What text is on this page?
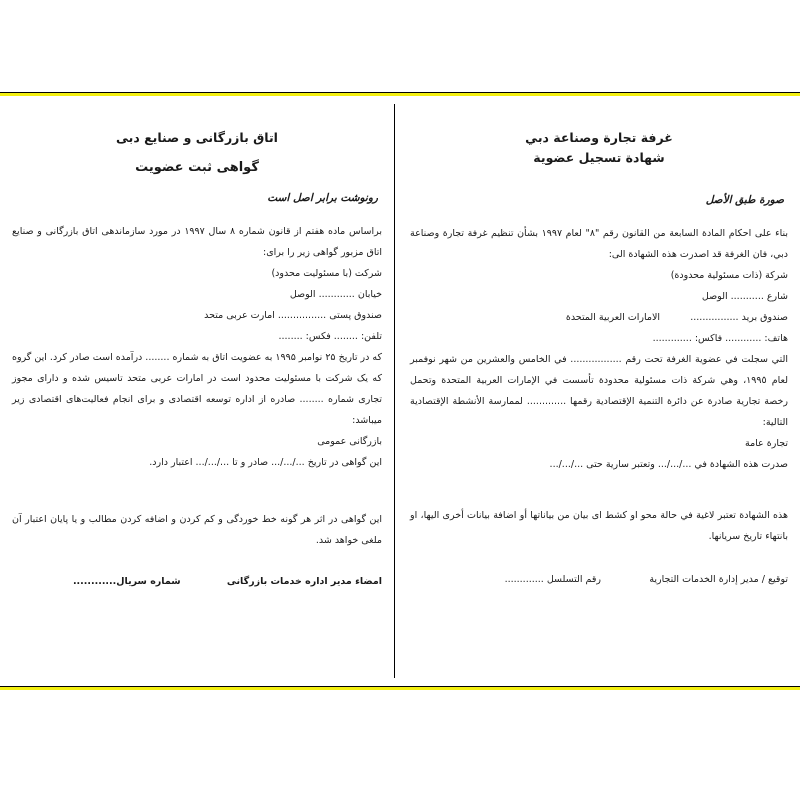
غرفة تجارة وصناعة دبي
شهادة تسجيل عضوية
صورة طبق الأصل
بناء على احكام المادة السابعة من القانون رقم "٨" لعام ١٩٩٧ بشأن تنظيم غرفة تجارة وصناعة دبي، فان الغرفة قد اصدرت هذه الشهادة الى:
شركة (ذات مسئولية محدودة)
شارع ........... الوصل
صندوق بريد ................          الامارات العربية المتحدة
هاتف: ............ فاكس: .............
التي سجلت في عضوية الغرفة تحت رقم ................. في الخامس والعشرين من شهر نوفمبر لعام ١٩٩٥، وهي شركة ذات مسئولية محدودة تأسست في الإمارات العربية المتحدة وتحمل رخصة تجارية صادرة عن دائرة التنمية الإقتصادية رقمها ............. لممارسة الأنشطة الإقتصادية التالية:
تجارة عامة
صدرت هذه الشهادة في .../.../... وتعتبر سارية حتى .../.../...
هذه الشهادة تعتبر لاغية في حالة محو او كشط اى بيان من بياناتها أو اضافة بيانات أخرى اليها، او بانتهاء تاريخ سريانها.
توقيع / مدير إدارة الخدمات التجارية                رقم التسلسل .............
اتاق بازرگانی و صنایع دبی
گواهی ثبت عضویت
رونوشت برابر اصل است
براساس ماده هفتم از قانون شماره ۸ سال ۱۹۹۷ در مورد سازماندهی اتاق بازرگانی و صنایع اتاق مزبور گواهی زیر را برای:
شرکت (با مسئولیت محدود)
خیابان ............ الوصل
صندوق پستی ................ امارت عربی متحد
تلفن: ........ فکس: ........
که در تاریخ ۲۵ نوامبر ۱۹۹۵ به عضویت اتاق به شماره ........ درآمده است صادر کرد. این گروه که یک شرکت با مسئولیت محدود است در امارات عربی متحد تاسیس شده و دارای مجوز تجاری شماره ........ صادره از اداره توسعه اقتصادی و برای انجام فعالیت‌های اقتصادی زیر میباشد:
بازرگانی عمومی
این گواهی در تاریخ .../.../... صادر و تا .../.../... اعتبار دارد.
این گواهی در اثر هر گونه خط خوردگی و کم کردن و اضافه کردن مطالب و یا پایان اعتبار آن ملغی خواهد شد.
امضاء مدیر اداره خدمات بازرگانی              شماره سریال............
